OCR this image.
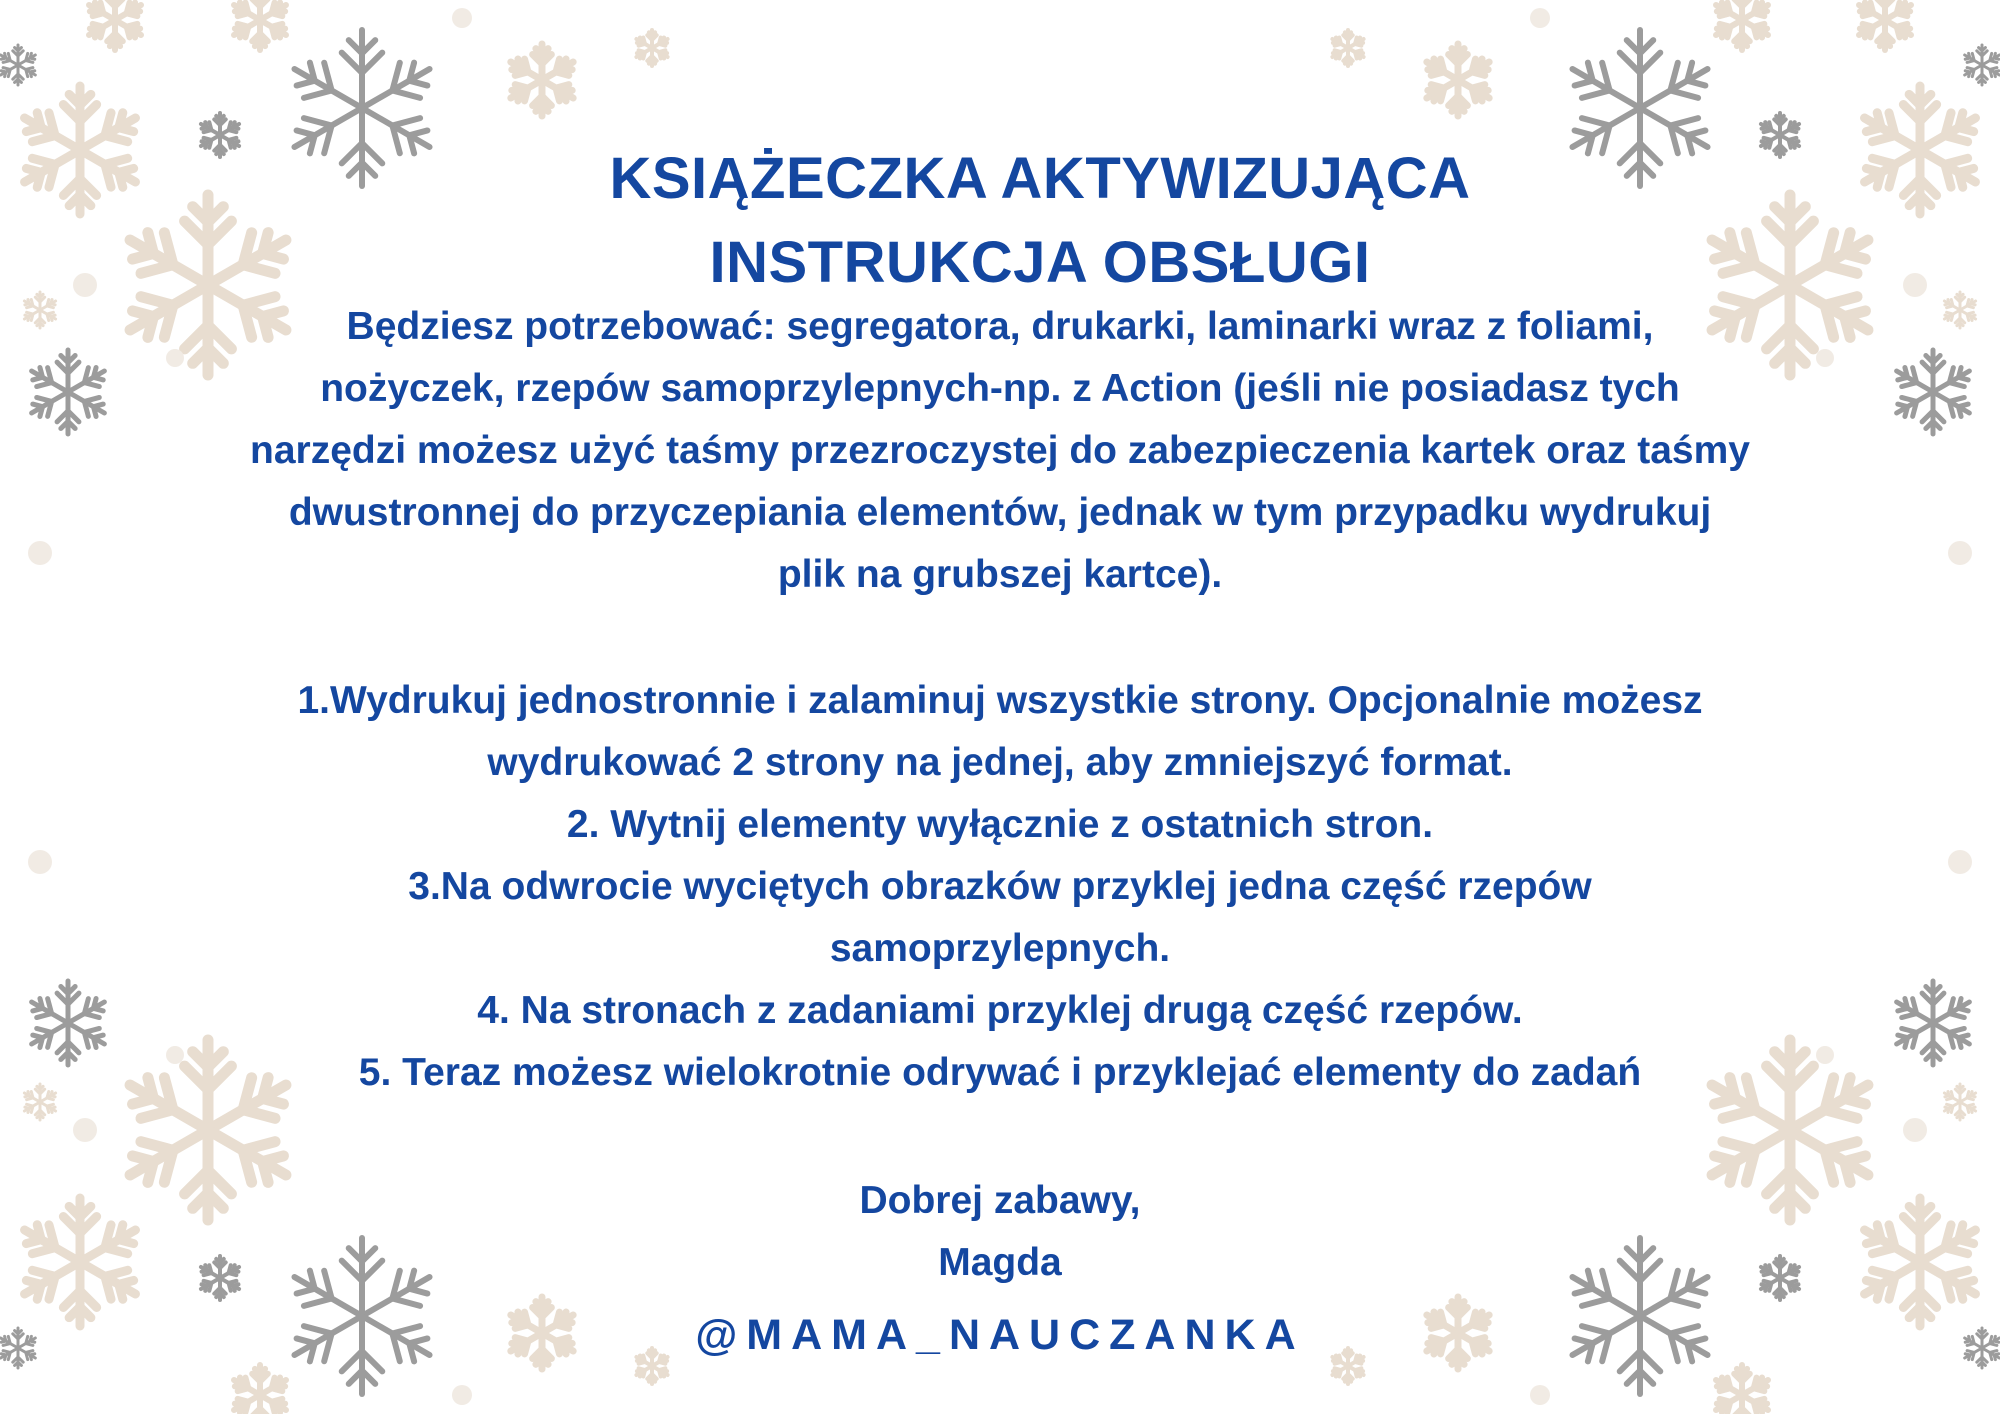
KSIĄŻECZKA AKTYWIZUJĄCA
INSTRUKCJA OBSŁUGI
Będziesz potrzebować: segregatora, drukarki, laminarki wraz z foliami,
nożyczek, rzepów samoprzylepnych-np. z Action (jeśli nie posiadasz tych
narzędzi możesz użyć taśmy przezroczystej do zabezpieczenia kartek oraz taśmy
dwustronnej do przyczepiania elementów, jednak w tym przypadku wydrukuj
plik na grubszej kartce).
1.Wydrukuj jednostronnie i zalaminuj wszystkie strony. Opcjonalnie możesz
wydrukować 2 strony na jednej, aby zmniejszyć format.
2. Wytnij elementy wyłącznie z ostatnich stron.
3.Na odwrocie wyciętych obrazków przyklej jedna część rzepów
samoprzylepnych.
4. Na stronach z zadaniami przyklej drugą część rzepów.
5. Teraz możesz wielokrotnie odrywać i przyklejać elementy do zadań
Dobrej zabawy,
Magda
@MAMA_NAUCZANKA
